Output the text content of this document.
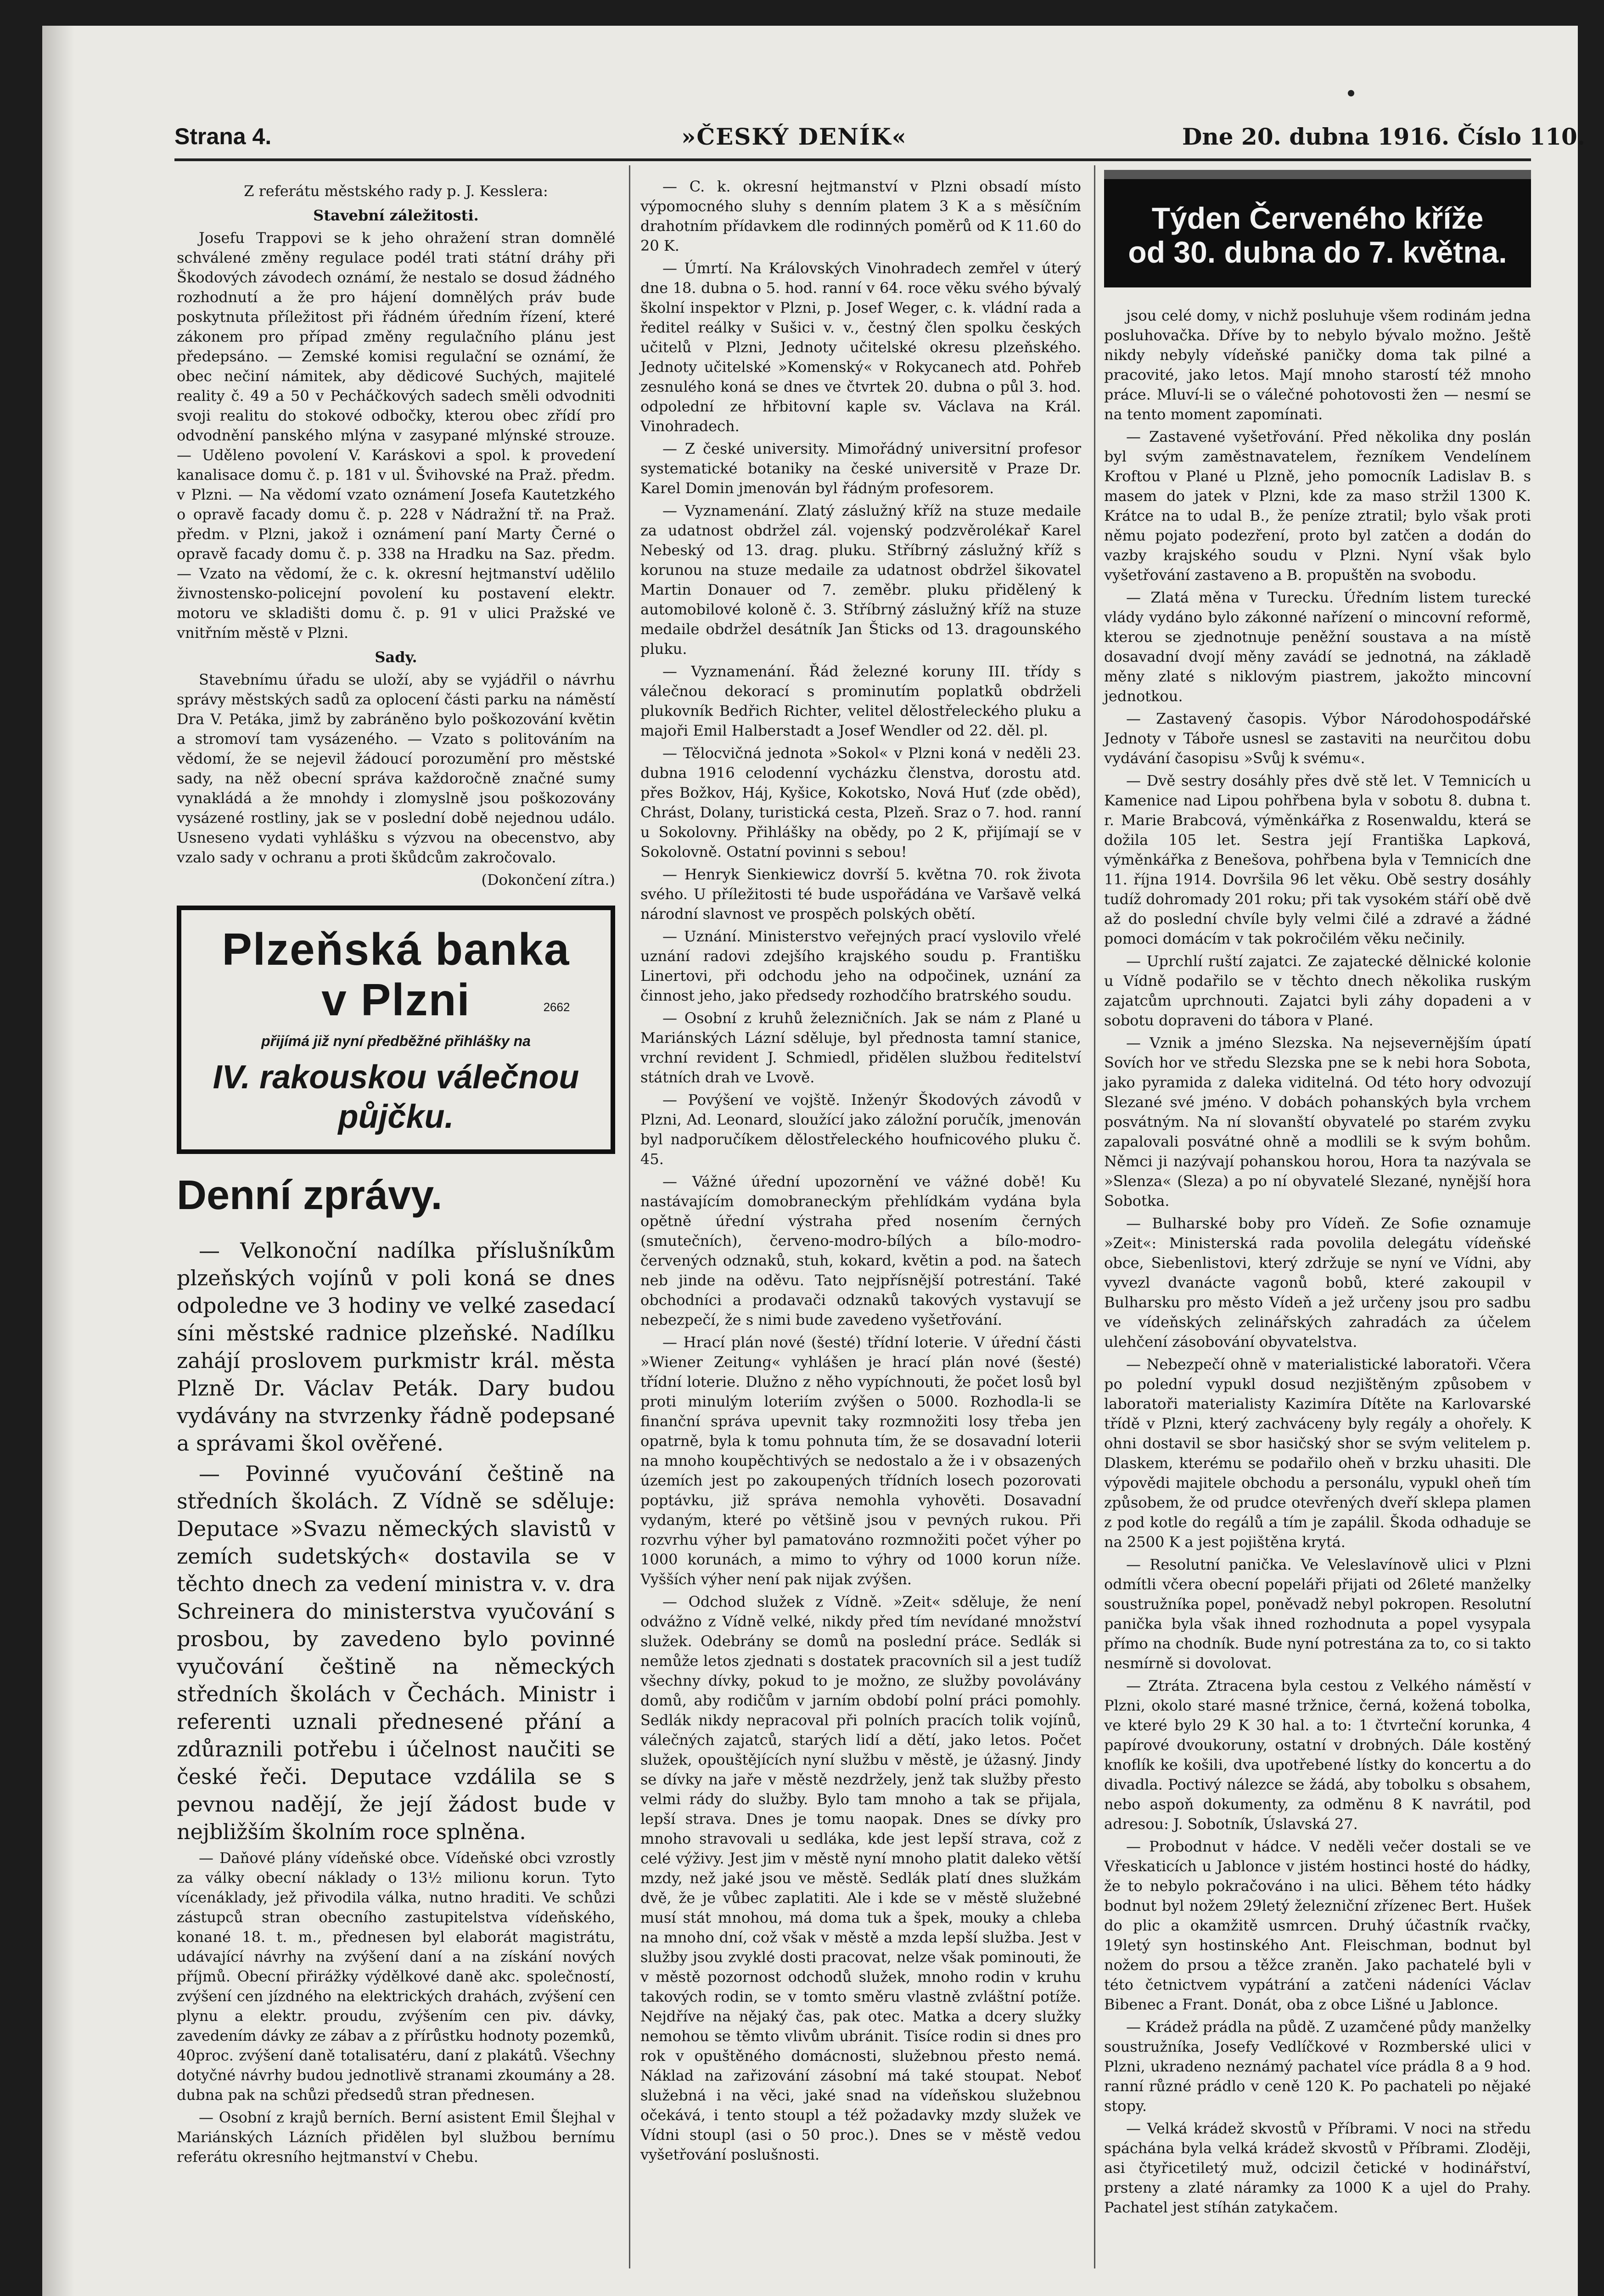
Strana 4.	»ČESKÝ DENÍK«	Dne 20. dubna 1916. Číslo 110.

Z referátu městského rady p. J. Kesslera:

Stavební záležitosti.

Josefu Trappovi se k jeho ohražení stran domnělé schválené změny regulace podél trati státní dráhy při Škodových závodech oznámí, že nestalo se dosud žádného rozhodnutí a že pro hájení domnělých práv bude poskytnuta příležitost při řádném úředním řízení, které zákonem pro případ změny regulačního plánu jest předepsáno. — Zemské komisi regulační se oznámí, že obec nečiní námitek, aby dědicové Suchých, majitelé reality č. 49 a 50 v Pecháčkových sadech směli odvodniti svoji realitu do stokové odbočky, kterou obec zřídí pro odvodnění panského mlýna v zasypané mlýnské strouze. — Uděleno povolení V. Karáskovi a spol. k provedení kanalisace domu č. p. 181 v ul. Švihovské na Praž. předm. v Plzni. — Na vědomí vzato oznámení Josefa Kautetzkého o opravě facady domu č. p. 228 v Nádražní tř. na Praž. předm. v Plzni, jakož i oznámení paní Marty Černé o opravě facady domu č. p. 338 na Hradku na Saz. předm. — Vzato na vědomí, že c. k. okresní hejtmanství udělilo živnostensko-policejní povolení ku postavení elektr. motoru ve skladišti domu č. p. 91 v ulici Pražské ve vnitřním městě v Plzni.

Sady.

Stavebnímu úřadu se uloží, aby se vyjádřil o návrhu správy městských sadů za oplocení části parku na náměstí Dra V. Petáka, jimž by zabráněno bylo poškozování květin a stromoví tam vysázeného. — Vzato s politováním na vědomí, že se nejevil žádoucí porozumění pro městské sady, na něž obecní správa každoročně značné sumy vynakládá a že mnohdy i zlomyslně jsou poškozovány vysázené rostliny, jak se v poslední době nejednou událo. Usneseno vydati vyhlášku s výzvou na obecenstvo, aby vzalo sady v ochranu a proti škůdcům zakročovalo.

(Dokončení zítra.)

Plzeňská banka
v Plzni	2662
přijímá již nyní předběžné přihlášky na
IV. rakouskou válečnou
půjčku.
Denní zprávy.

— Velkonoční nadílka příslušníkům plzeňských vojínů v poli koná se dnes odpoledne ve 3 hodiny ve velké zasedací síni městské radnice plzeňské. Nadílku zahájí proslovem purkmistr král. města Plzně Dr. Václav Peták. Dary budou vydávány na stvrzenky řádně podepsané a správami škol ověřené.

— Povinné vyučování češtině na středních školách. Z Vídně se sděluje: Deputace »Svazu německých slavistů v zemích sudetských« dostavila se v těchto dnech za vedení ministra v. v. dra Schreinera do ministerstva vyučování s prosbou, by zavedeno bylo povinné vyučování češtině na německých středních školách v Čechách. Ministr i referenti uznali přednesené přání a zdůraznili potřebu i účelnost naučiti se české řeči. Deputace vzdálila se s pevnou nadějí, že její žádost bude v nejbližším školním roce splněna.

— Daňové plány vídeňské obce. Vídeňské obci vzrostly za války obecní náklady o 13½ milionu korun. Tyto vícenáklady, jež přivodila válka, nutno hraditi. Ve schůzi zástupců stran obecního zastupitelstva vídeňského, konané 18. t. m., přednesen byl elaborát magistrátu, udávající návrhy na zvýšení daní a na získání nových příjmů. Obecní přirážky výdělkové daně akc. společností, zvýšení cen jízdného na elektrických drahách, zvýšení cen plynu a elektr. proudu, zvýšením cen piv. dávky, zavedením dávky ze zábav a z přírůstku hodnoty pozemků, 40proc. zvýšení daně totalisatéru, daní z plakátů. Všechny dotyčné návrhy budou jednotlivě stranami zkoumány a 28. dubna pak na schůzi předsedů stran přednesen.

— Osobní z krajů berních. Berní asistent Emil Šlejhal v Mariánských Lázních přidělen byl službou bernímu referátu okresního hejtmanství v Chebu.

— C. k. okresní hejtmanství v Plzni obsadí místo výpomocného sluhy s denním platem 3 K a s měsíčním drahotním přídavkem dle rodinných poměrů od K 11.60 do 20 K.

— Úmrtí. Na Královských Vinohradech zemřel v úterý dne 18. dubna o 5. hod. ranní v 64. roce věku svého bývalý školní inspektor v Plzni, p. Josef Weger, c. k. vládní rada a ředitel reálky v Sušici v. v., čestný člen spolku českých učitelů v Plzni, Jednoty učitelské okresu plzeňského. Jednoty učitelské »Komenský« v Rokycanech atd. Pohřeb zesnulého koná se dnes ve čtvrtek 20. dubna o půl 3. hod. odpolední ze hřbitovní kaple sv. Václava na Král. Vinohradech.

— Z české university. Mimořádný universitní profesor systematické botaniky na české universitě v Praze Dr. Karel Domin jmenován byl řádným profesorem.

— Vyznamenání. Zlatý záslužný kříž na stuze medaile za udatnost obdržel zál. vojenský podzvěrolékař Karel Nebeský od 13. drag. pluku. Stříbrný záslužný kříž s korunou na stuze medaile za udatnost obdržel šikovatel Martin Donauer od 7. zeměbr. pluku přidělený k automobilové koloně č. 3. Stříbrný záslužný kříž na stuze medaile obdržel desátník Jan Šticks od 13. dragounského pluku.

— Vyznamenání. Řád železné koruny III. třídy s válečnou dekorací s prominutím poplatků obdrželi plukovník Bedřich Richter, velitel dělostřeleckého pluku a majoři Emil Halberstadt a Josef Wendler od 22. děl. pl.

— Tělocvičná jednota »Sokol« v Plzni koná v neděli 23. dubna 1916 celodenní vycházku členstva, dorostu atd. přes Božkov, Háj, Kyšice, Kokotsko, Nová Huť (zde oběd), Chrást, Dolany, turistická cesta, Plzeň. Sraz o 7. hod. ranní u Sokolovny. Přihlášky na obědy, po 2 K, přijímají se v Sokolovně. Ostatní povinni s sebou!

— Henryk Sienkiewicz dovrší 5. května 70. rok života svého. U příležitosti té bude uspořádána ve Varšavě velká národní slavnost ve prospěch polských obětí.

— Uznání. Ministerstvo veřejných prací vyslovilo vřelé uznání radovi zdejšího krajského soudu p. Františku Linertovi, při odchodu jeho na odpočinek, uznání za činnost jeho, jako předsedy rozhodčího bratrského soudu.

— Osobní z kruhů železničních. Jak se nám z Plané u Mariánských Lázní sděluje, byl přednosta tamní stanice, vrchní revident J. Schmiedl, přidělen službou ředitelství státních drah ve Lvově.

— Povýšení ve vojště. Inženýr Škodových závodů v Plzni, Ad. Leonard, sloužící jako záložní poručík, jmenován byl nadporučíkem dělostřeleckého houfnicového pluku č. 45.

— Vážné úřední upozornění ve vážné době! Ku nastávajícím domobraneckým přehlídkám vydána byla opětně úřední výstraha před nosením černých (smutečních), červeno-modro-bílých a bílo-modro-červených odznaků, stuh, kokard, květin a pod. na šatech neb jinde na oděvu. Tato nejpřísnější potrestání. Také obchodníci a prodavači odznaků takových vystavují se nebezpečí, že s nimi bude zavedeno vyšetřování.

— Hrací plán nové (šesté) třídní loterie. V úřední části »Wiener Zeitung« vyhlášen je hrací plán nové (šesté) třídní loterie. Dlužno z něho vypíchnouti, že počet losů byl proti minulým loteriím zvýšen o 5000. Rozhodla-li se finanční správa upevnit taky rozmnožiti losy třeba jen opatrně, byla k tomu pohnuta tím, že se dosavadní loterii na mnoho koupěchtivých se nedostalo a že i v obsazených územích jest po zakoupených třídních losech pozorovati poptávku, již správa nemohla vyhověti. Dosavadní vydaným, které po většině jsou v pevných rukou. Při rozvrhu výher byl pamatováno rozmnožiti počet výher po 1000 korunách, a mimo to výhry od 1000 korun níže. Vyšších výher není pak nijak zvýšen.

— Odchod služek z Vídně. »Zeit« sděluje, že není odvážno z Vídně velké, nikdy před tím nevídané množství služek. Odebrány se domů na poslední práce. Sedlák si nemůže letos zjednati s dostatek pracovních sil a jest tudíž všechny dívky, pokud to je možno, ze služby povolávány domů, aby rodičům v jarním období polní práci pomohly. Sedlák nikdy nepracoval při polních pracích tolik vojínů, válečných zajatců, starých lidí a dětí, jako letos. Počet služek, opouštějících nyní službu v městě, je úžasný. Jindy se dívky na jaře v městě nezdržely, jenž tak služby přesto velmi rády do služby. Bylo tam mnoho a tak se přijala, lepší strava. Dnes je tomu naopak. Dnes se dívky pro mnoho stravovali u sedláka, kde jest lepší strava, což z celé výživy. Jest jim v městě nyní mnoho platit daleko větší mzdy, než jaké jsou ve městě. Sedlák platí dnes služkám dvě, že je vůbec zaplatiti. Ale i kde se v městě služebné musí stát mnohou, má doma tuk a špek, mouky a chleba na mnoho dní, což však v městě a mzda lepší služba. Jest v služby jsou zvyklé dosti pracovat, nelze však pominouti, že v městě pozornost odchodů služek, mnoho rodin v kruhu takových rodin, se v tomto směru vlastně zvláštní potíže. Nejdříve na nějaký čas, pak otec. Matka a dcery služky nemohou se těmto vlivům ubránit. Tisíce rodin si dnes pro rok v opuštěného domácnosti, služebnou přesto nemá. Náklad na zařizování zásobní má také stoupat. Neboť služebná i na věci, jaké snad na vídeňskou služebnou očekává, i tento stoupl a též požadavky mzdy služek ve Vídni stoupl (asi o 50 proc.). Dnes se v městě vedou vyšetřování poslušnosti.

Týden Červeného kříže
od 30. dubna do 7. května.

jsou celé domy, v nichž posluhuje všem rodinám jedna posluhovačka. Dříve by to nebylo bývalo možno. Ještě nikdy nebyly vídeňské paničky doma tak pilné a pracovité, jako letos. Mají mnoho starostí též mnoho práce. Mluví-li se o válečné pohotovosti žen — nesmí se na tento moment zapomínati.

— Zastavené vyšetřování. Před několika dny poslán byl svým zaměstnavatelem, řezníkem Vendelínem Kroftou v Plané u Plzně, jeho pomocník Ladislav B. s masem do jatek v Plzni, kde za maso stržil 1300 K. Krátce na to udal B., že peníze ztratil; bylo však proti němu pojato podezření, proto byl zatčen a dodán do vazby krajského soudu v Plzni. Nyní však bylo vyšetřování zastaveno a B. propuštěn na svobodu.

— Zlatá měna v Turecku. Úředním listem turecké vlády vydáno bylo zákonné nařízení o mincovní reformě, kterou se zjednotnuje peněžní soustava a na místě dosavadní dvojí měny zavádí se jednotná, na základě měny zlaté s niklovým piastrem, jakožto mincovní jednotkou.

— Zastavený časopis. Výbor Národohospodářské Jednoty v Táboře usnesl se zastaviti na neurčitou dobu vydávání časopisu »Svůj k svému«.

— Dvě sestry dosáhly přes dvě stě let. V Temnicích u Kamenice nad Lipou pohřbena byla v sobotu 8. dubna t. r. Marie Brabcová, výměnkářka z Rosenwaldu, která se dožila 105 let. Sestra její Františka Lapková, výměnkářka z Benešova, pohřbena byla v Temnicích dne 11. října 1914. Dovršila 96 let věku. Obě sestry dosáhly tudíž dohromady 201 roku; při tak vysokém stáří obě dvě až do poslední chvíle byly velmi čilé a zdravé a žádné pomoci domácím v tak pokročilém věku nečinily.

— Uprchlí ruští zajatci. Ze zajatecké dělnické kolonie u Vídně podařilo se v těchto dnech několika ruským zajatcům uprchnouti. Zajatci byli záhy dopadeni a v sobotu dopraveni do tábora v Plané.

— Vznik a jméno Slezska. Na nejsevernějším úpatí Sovích hor ve středu Slezska pne se k nebi hora Sobota, jako pyramida z daleka viditelná. Od této hory odvozují Slezané své jméno. V dobách pohanských byla vrchem posvátným. Na ní slovanští obyvatelé po starém zvyku zapalovali posvátné ohně a modlili se k svým bohům. Němci ji nazývají pohanskou horou, Hora ta nazývala se »Slenza« (Sleza) a po ní obyvatelé Slezané, nynější hora Sobotka.

— Bulharské boby pro Vídeň. Ze Sofie oznamuje »Zeit«: Ministerská rada povolila delegátu vídeňské obce, Siebenlistovi, který zdržuje se nyní ve Vídni, aby vyvezl dvanácte vagonů bobů, které zakoupil v Bulharsku pro město Vídeň a jež určeny jsou pro sadbu ve vídeňských zelinářských zahradách za účelem ulehčení zásobování obyvatelstva.

— Nebezpečí ohně v materialistické laboratoři. Včera po polední vypukl dosud nezjištěným způsobem v laboratoři materialisty Kazimíra Dítěte na Karlovarské třídě v Plzni, který zachváceny byly regály a ohořely. K ohni dostavil se sbor hasičský shor se svým velitelem p. Dlaskem, kterému se podařilo oheň v brzku uhasiti. Dle výpovědi majitele obchodu a personálu, vypukl oheň tím způsobem, že od prudce otevřených dveří sklepa plamen z pod kotle do regálů a tím je zapálil. Škoda odhaduje se na 2500 K a jest pojištěna krytá.

— Resolutní panička. Ve Veleslavínově ulici v Plzni odmítli včera obecní popeláři přijati od 26leté manželky soustružníka popel, poněvadž nebyl pokropen. Resolutní panička byla však ihned rozhodnuta a popel vysypala přímo na chodník. Bude nyní potrestána za to, co si takto nesmírně si dovolovat.

— Ztráta. Ztracena byla cestou z Velkého náměstí v Plzni, okolo staré masné tržnice, černá, kožená tobolka, ve které bylo 29 K 30 hal. a to: 1 čtvrteční korunka, 4 papírové dvoukoruny, ostatní v drobných. Dále kostěný knoflík ke košili, dva upotřebené lístky do koncertu a do divadla. Poctivý nálezce se žádá, aby tobolku s obsahem, nebo aspoň dokumenty, za odměnu 8 K navrátil, pod adresou: J. Sobotník, Úslavská 27.

— Probodnut v hádce. V neděli večer dostali se ve Vřeskaticích u Jablonce v jistém hostinci hosté do hádky, že to nebylo pokračováno i na ulici. Během této hádky bodnut byl nožem 29letý železniční zřízenec Bert. Hušek do plic a okamžitě usmrcen. Druhý účastník rvačky, 19letý syn hostinského Ant. Fleischman, bodnut byl nožem do prsou a těžce zraněn. Jako pachatelé byli v této četnictvem vypátrání a zatčeni nádeníci Václav Bibenec a Frant. Donát, oba z obce Lišné u Jablonce.

— Krádež prádla na půdě. Z uzamčené půdy manželky soustružníka, Josefy Vedlíčkové v Rozmberské ulici v Plzni, ukradeno neznámý pachatel více prádla 8 a 9 hod. ranní různé prádlo v ceně 120 K. Po pachateli po nějaké stopy.

— Velká krádež skvostů v Příbrami. V noci na středu spáchána byla velká krádež skvostů v Příbrami. Zloději, asi čtyřicetiletý muž, odcizil četické v hodinářství, prsteny a zlaté náramky za 1000 K a ujel do Prahy. Pachatel jest stíhán zatykačem.
